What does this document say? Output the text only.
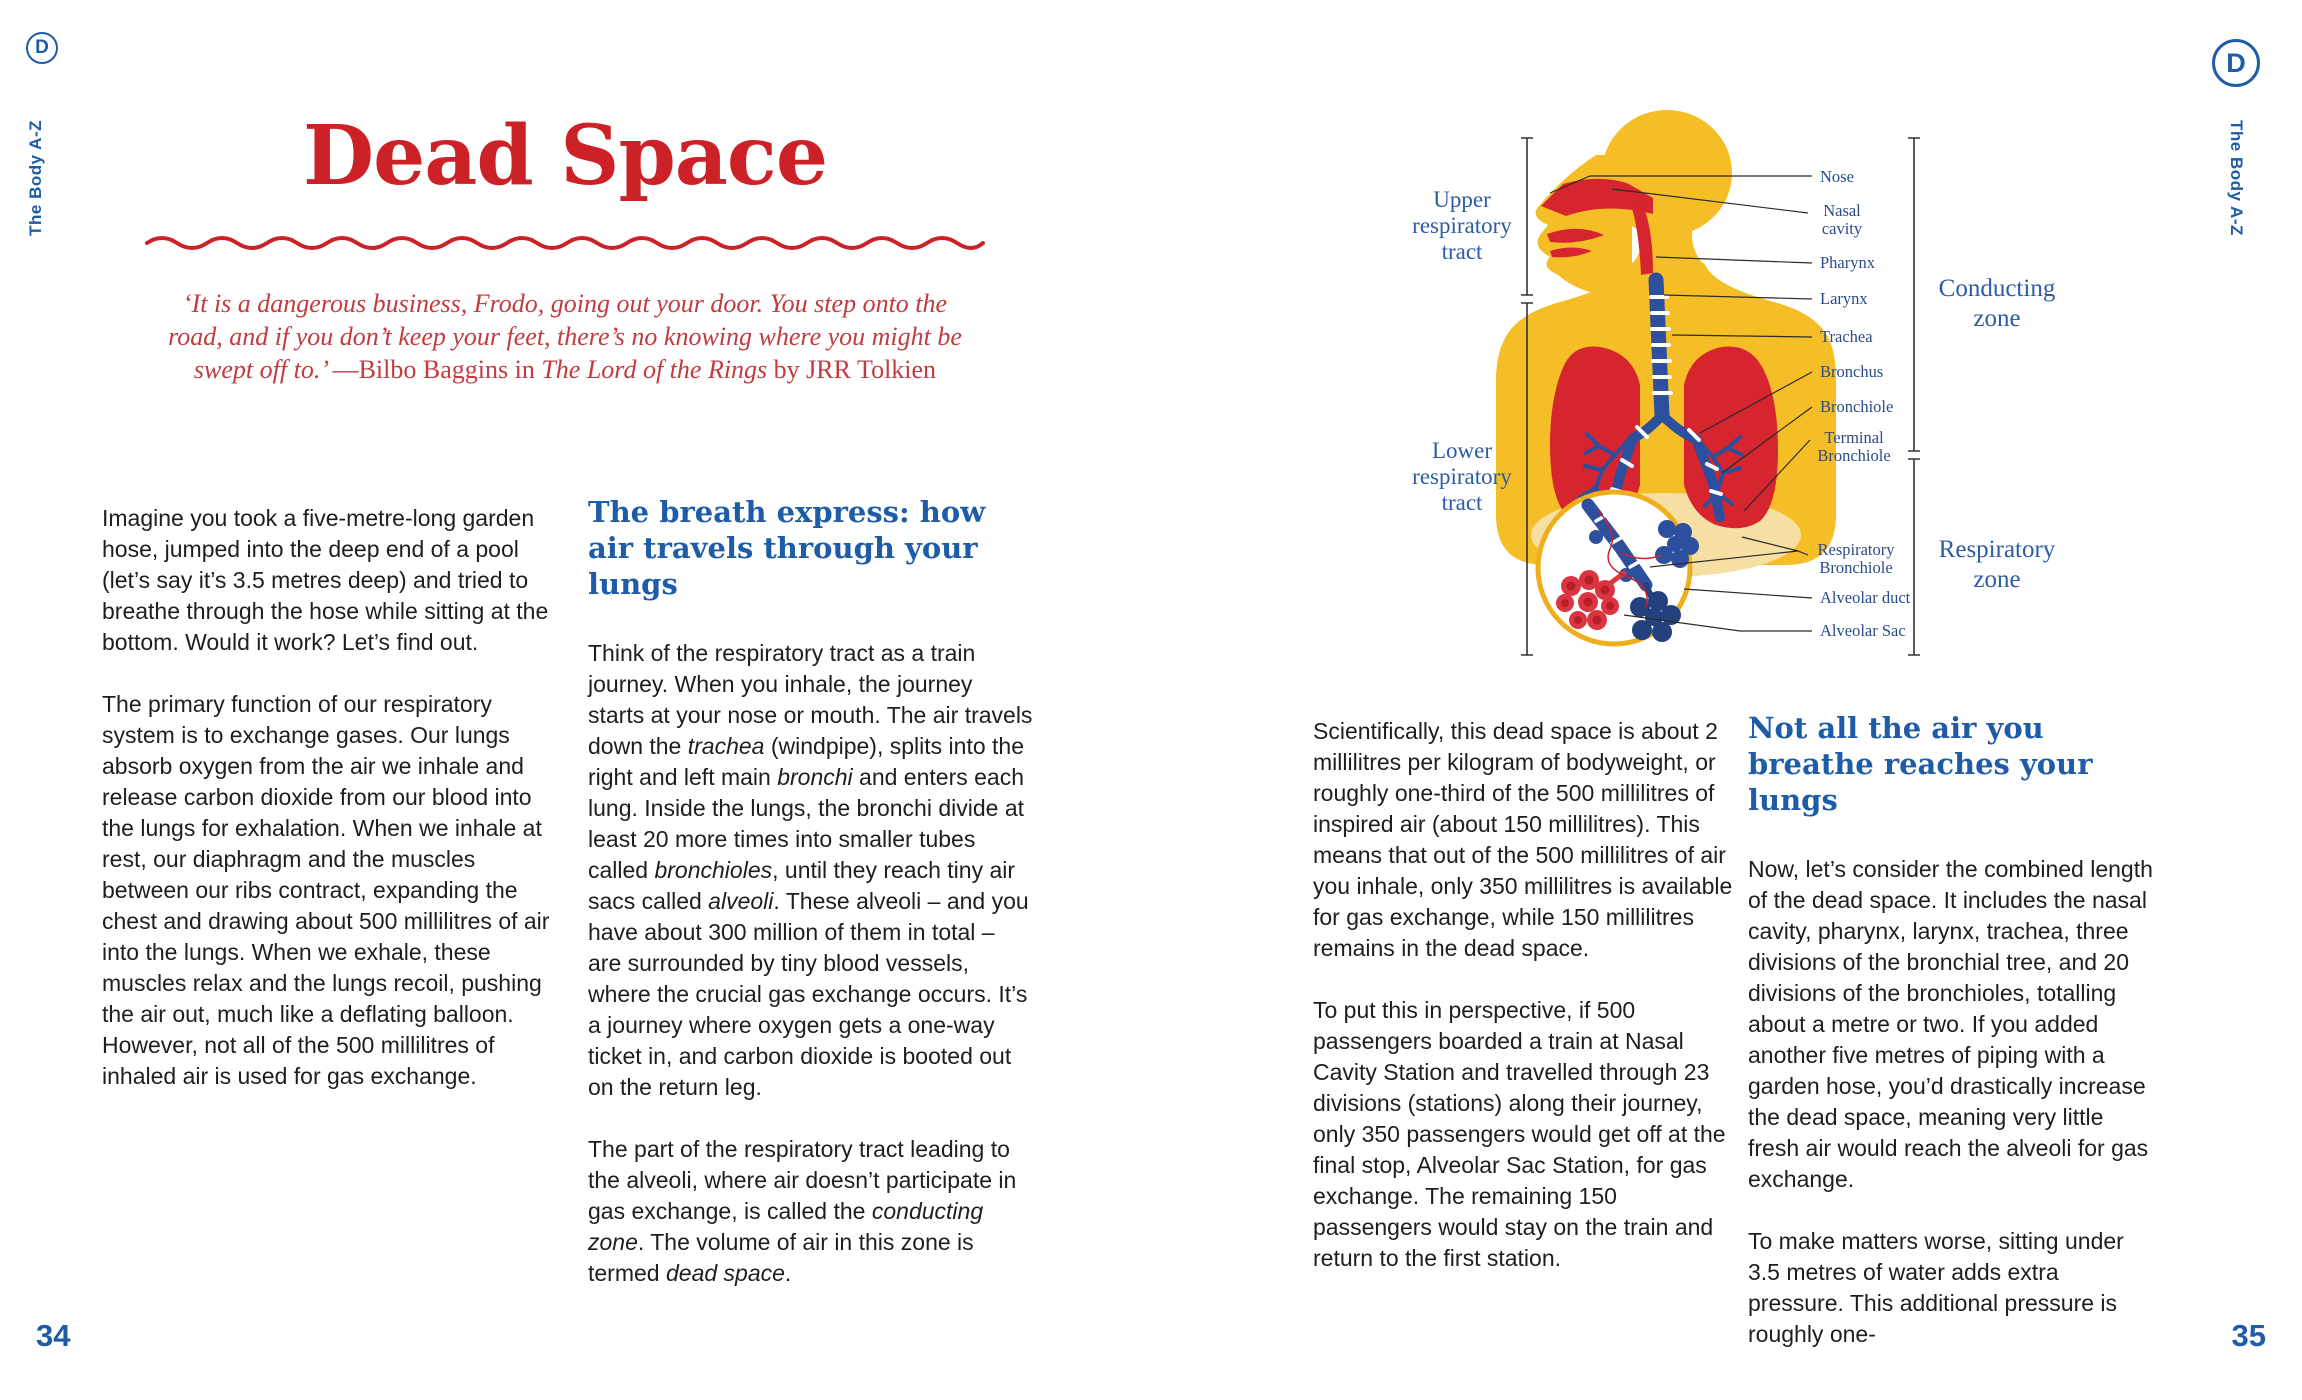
D
The Body A-Z	Dead Space
‘It is a dangerous business, Frodo, going out your door. You step onto the
road, and if you don’t keep your feet, there’s no knowing where you might be
swept off to.’ —Bilbo Baggins in The Lord of the Rings by JRR Tolkien

Imagine you took a five-metre-long garden hose, jumped into the deep end of a pool (let’s say it’s 3.5 metres deep) and tried to breathe through the hose while sitting at the bottom. Would it work? Let’s find out.

The primary function of our respiratory system is to exchange gases. Our lungs absorb oxygen from the air we inhale and release carbon dioxide from our blood into the lungs for exhalation. When we inhale at rest, our diaphragm and the muscles between our ribs contract, expanding the chest and drawing about 500 millilitres of air into the lungs. When we exhale, these muscles relax and the lungs recoil, pushing the air out, much like a deflating balloon. However, not all of the 500 millilitres of inhaled air is used for gas exchange.

The breath express: how air travels through your lungs

Think of the respiratory tract as a train journey. When you inhale, the journey starts at your nose or mouth. The air travels down the trachea (windpipe), splits into the right and left main bronchi and enters each lung. Inside the lungs, the bronchi divide at least 20 more times into smaller tubes called bronchioles, until they reach tiny air sacs called alveoli. These alveoli – and you have about 300 million of them in total – are surrounded by tiny blood vessels, where the crucial gas exchange occurs. It’s a journey where oxygen gets a one-way ticket in, and carbon dioxide is booted out on the return leg.

The part of the respiratory tract leading to the alveoli, where air doesn’t participate in gas exchange, is called the conducting zone. The volume of air in this zone is termed dead space.

34
D
The Body A-Z
Upper
respiratory
tract
Lower
respiratory
tract
Conducting
zone
Respiratory
zone
Nose
Nasal
cavity
Pharynx
Larynx
Trachea
Bronchus
Bronchiole
Terminal
Bronchiole
Respiratory
Bronchiole
Alveolar duct
Alveolar Sac

Scientifically, this dead space is about 2 millilitres per kilogram of bodyweight, or roughly one-third of the 500 millilitres of inspired air (about 150 millilitres). This means that out of the 500 millilitres of air you inhale, only 350 millilitres is available for gas exchange, while 150 millilitres remains in the dead space.

To put this in perspective, if 500 passengers boarded a train at Nasal Cavity Station and travelled through 23 divisions (stations) along their journey, only 350 passengers would get off at the final stop, Alveolar Sac Station, for gas exchange. The remaining 150 passengers would stay on the train and return to the first station.

Not all the air you breathe reaches your lungs

Now, let’s consider the combined length of the dead space. It includes the nasal cavity, pharynx, larynx, trachea, three divisions of the bronchial tree, and 20 divisions of the bronchioles, totalling about a metre or two. If you added another five metres of piping with a garden hose, you’d drastically increase the dead space, meaning very little fresh air would reach the alveoli for gas exchange.

To make matters worse, sitting under 3.5 metres of water adds extra pressure. This additional pressure is roughly one-	35
